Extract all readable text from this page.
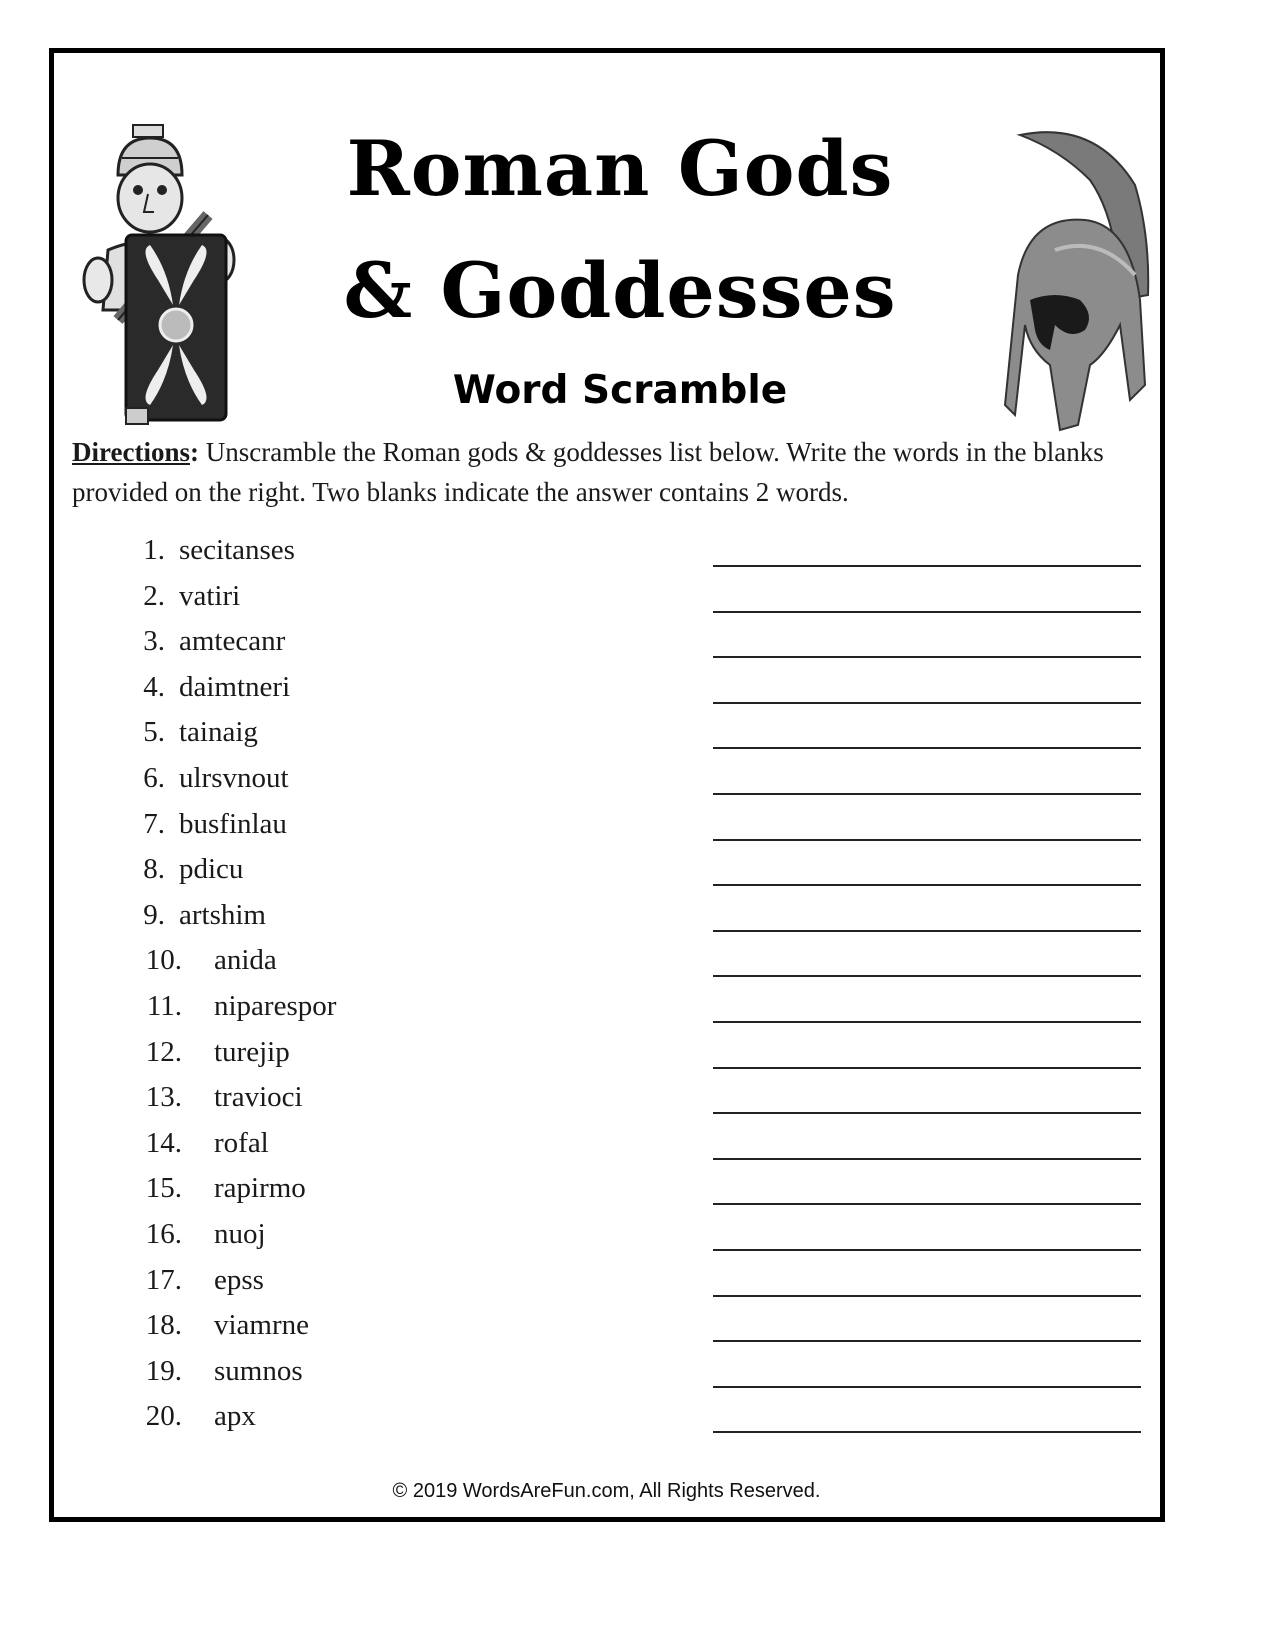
Roman Gods & Goddesses
Word Scramble
Directions: Unscramble the Roman gods & goddesses list below. Write the words in the blanks provided on the right. Two blanks indicate the answer contains 2 words.
1. secitanses
2. vatiri
3. amtecanr
4. daimtneri
5. tainaig
6. ulrsvnout
7. busfinlau
8. pdicu
9. artshim
10. anida
11. niparespor
12. turejip
13. travioci
14. rofal
15. rapirmo
16. nuoj
17. epss
18. viamrne
19. sumnos
20. apx
© 2019 WordsAreFun.com, All Rights Reserved.
